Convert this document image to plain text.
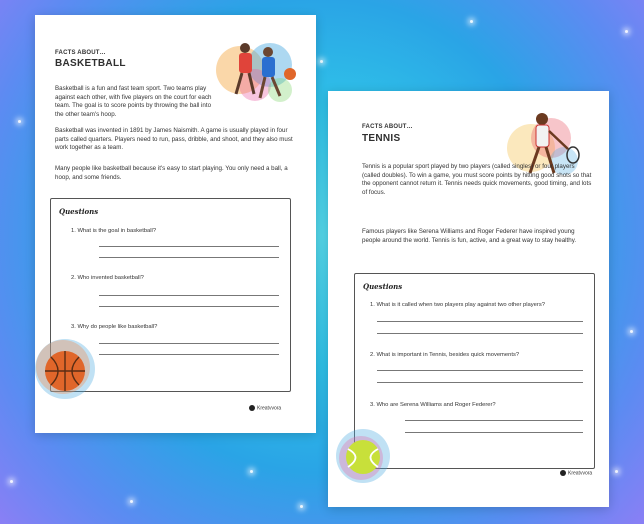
FACTS ABOUT…
BASKETBALL
Basketball is a fun and fast team sport. Two teams play against each other, with five players on the court for each team. The goal is to score points by throwing the ball into the other team's hoop.
Basketball was invented in 1891 by James Naismith. A game is usually played in four parts called quarters. Players need to run, pass, dribble, and shoot, and they also must work together as a team.
Many people like basketball because it's easy to start playing. You only need a ball, a hoop, and some friends.
Questions
1. What is the goal in basketball?
2. Who invented basketball?
3. Why do people like basketball?
Kreatvvora
FACTS ABOUT…
TENNIS
Tennis is a popular sport played by two players (called singles) or four players (called doubles). To win a game, you must score points by hitting good shots so that the opponent cannot return it. Tennis needs quick movements, good timing, and lots of focus.
Famous players like Serena Williams and Roger Federer have inspired young people around the world. Tennis is fun, active, and a great way to stay healthy.
Questions
1. What is it called when two players play against two other players?
2. What is important in Tennis, besides quick movements?
3. Who are Serena Williams and Roger Federer?
Kreatvvora
